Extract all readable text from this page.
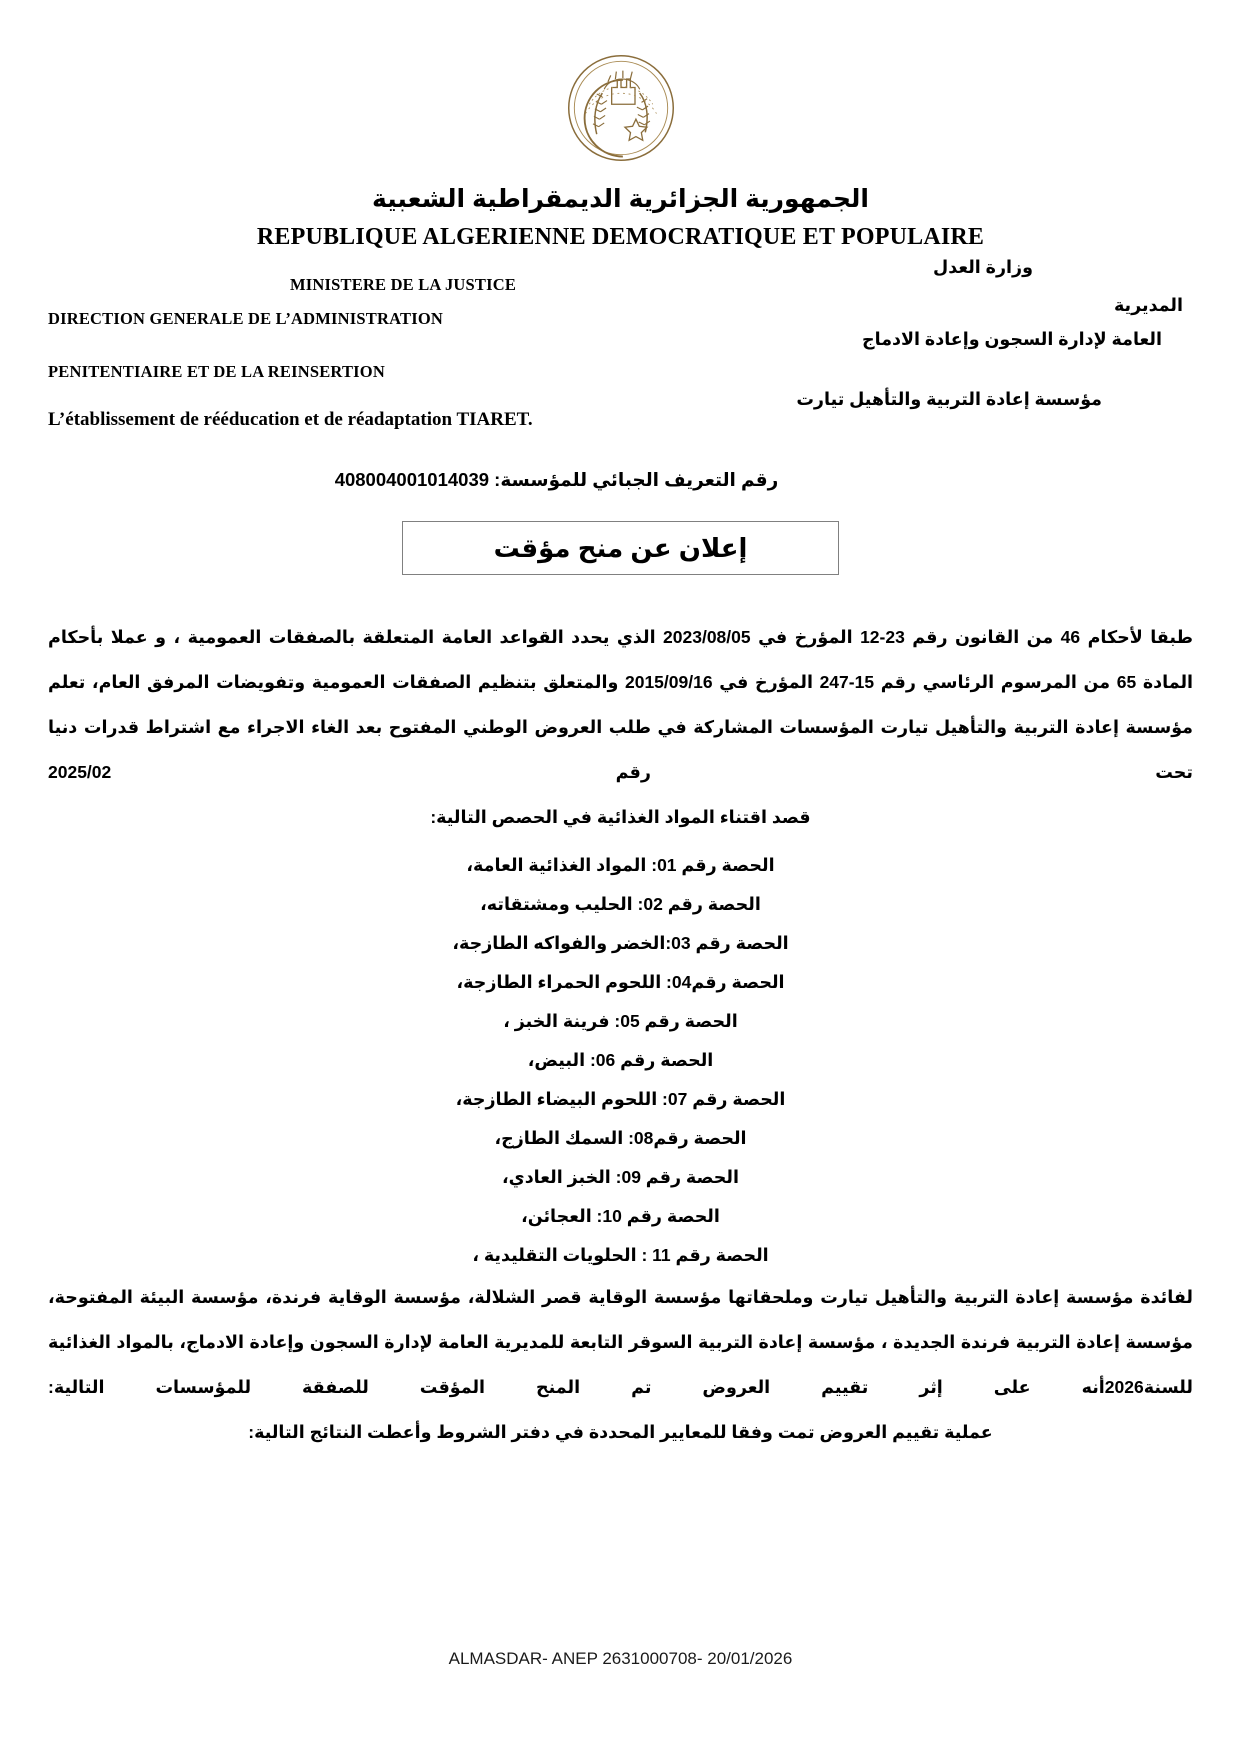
الجمهورية الجزائرية الديمقراطية الشعبية
REPUBLIQUE ALGERIENNE DEMOCRATIQUE ET POPULAIRE
وزارة العدل
MINISTERE DE LA JUSTICE
المديرية
DIRECTION GENERALE DE L’ADMINISTRATION
العامة لإدارة السجون وإعادة الادماج
PENITENTIAIRE ET DE LA REINSERTION
مؤسسة إعادة التربية والتأهيل تيارت
L’établissement de rééducation et de réadaptation TIARET.
رقم التعريف الجبائي للمؤسسة: 408004001014039
إعلان عن منح مؤقت

طبقا لأحكام 46 من القانون رقم 23-12 المؤرخ في 2023/08/05 الذي يحدد القواعد العامة المتعلقة بالصفقات العمومية ، و عملا بأحكام المادة 65 من المرسوم الرئاسي رقم 15-247 المؤرخ في 2015/09/16 والمتعلق بتنظيم الصفقات العمومية وتفويضات المرفق العام، تعلم مؤسسة إعادة التربية والتأهيل تيارت المؤسسات المشاركة في طلب العروض الوطني المفتوح بعد الغاء الاجراء مع اشتراط قدرات دنيا تحت رقم 2025/02

قصد اقتناء المواد الغذائية في الحصص التالية:
الحصة رقم 01: المواد الغذائية العامة،
الحصة رقم 02: الحليب ومشتقاته،
الحصة رقم 03:الخضر والفواكه الطازجة،
الحصة رقم04: اللحوم الحمراء الطازجة،
الحصة رقم 05: فرينة الخبز ،
الحصة رقم 06: البيض،
الحصة رقم 07: اللحوم البيضاء الطازجة،
الحصة رقم08: السمك الطازج،
الحصة رقم 09: الخبز العادي،
الحصة رقم 10: العجائن،
الحصة رقم 11 : الحلويات التقليدية ،

لفائدة مؤسسة إعادة التربية والتأهيل تيارت وملحقاتها مؤسسة الوقاية قصر الشلالة، مؤسسة الوقاية فرندة، مؤسسة البيئة المفتوحة، مؤسسة إعادة التربية فرندة الجديدة ، مؤسسة إعادة التربية السوقر التابعة للمديرية العامة لإدارة السجون وإعادة الادماج، بالمواد الغذائية للسنة2026أنه على إثر تقييم العروض تم المنح المؤقت للصفقة للمؤسسات التالية:

عملية تقييم العروض تمت وفقا للمعايير المحددة في دفتر الشروط وأعطت النتائج التالية:
ALMASDAR- ANEP 2631000708- 20/01/2026
